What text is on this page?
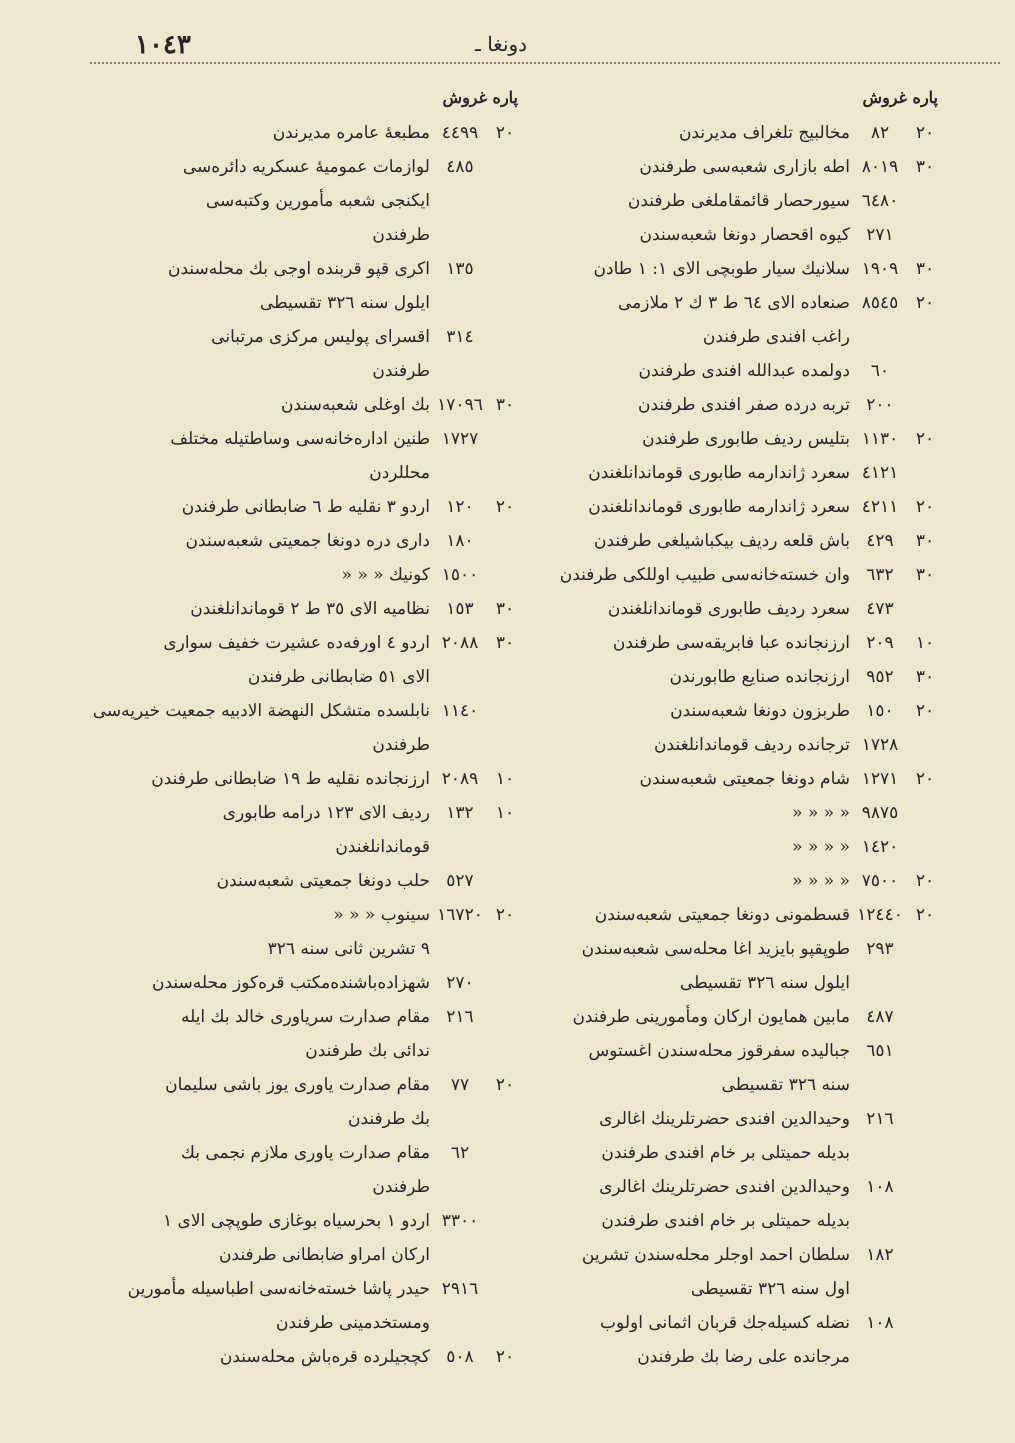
١٠٤٣	دونغا ـ
پاره غروش
٢٠
٨٢
مخالبیج تلغراف مدیرندن
٣٠
٨٠١٩
اطه بازاری شعبه‌سی طرفندن
٦٤٨٠
سیورحصار قائمقاملغی طرفندن
٢٧١
کیوه اقحصار دونغا شعبه‌سندن
٣٠
١٩٠٩
سلانیك سیار طوبچی الای ١: ١ طادن
٢٠
٨٥٤٥
صنعاده الای ٦٤ ط ٣ ك ٢ ملازمی
راغب افندی طرفندن
٦٠
دولمده عبدالله افندی طرفندن
٢٠٠
تربه درده صفر افندی طرفندن
٢٠
١١٣٠
بتلیس ردیف طابوری طرفندن
٤١٢١
سعرد ژاندارمه طابوری قوماندانلغندن
٢٠
٤٢١١
سعرد ژاندارمه طابوری قوماندانلغندن
٣٠
٤٢٩
باش قلعه ردیف بیکباشیلغی طرفندن
٣٠
٦٣٢
وان خسته‌خانه‌سی طبیب اوللکی طرفندن
٤٧٣
سعرد ردیف طابوری قوماندانلغندن
١٠
٢٠٩
ارزنجانده عبا فابریقه‌سی طرفندن
٣٠
٩٥٢
ارزنجانده صنایع طابورندن
٢٠
١٥٠
طربزون دونغا شعبه‌سندن
١٧٢٨
ترجانده ردیف قوماندانلغندن
٢٠
١٢٧١
شام دونغا جمعیتی شعبه‌سندن
٩٨٧٥
« « « «
١٤٢٠
« « « «
٢٠
٧٥٠٠
« « « «
٢٠
١٢٤٤٠
قسطمونی دونغا جمعیتی شعبه‌سندن
٢٩٣
طوپقپو بایزید اغا محله‌سی شعبه‌سندن
ایلول سنه ٣٢٦ تقسیطی
٤٨٧
مابین همایون ارکان ومأمورینی طرفندن
٦٥١
جبالیده سفرقوز محله‌سندن اغستوس
سنه ٣٢٦ تقسیطی
٢١٦
وحیدالدین افندی حضرتلرینك اغالری
بدیله حمیتلی بر خام افندی طرفندن
١٠٨
وحیدالدین افندی حضرتلرینك اغالری
بدیله حمیتلی بر خام افندی طرفندن
١٨٢
سلطان احمد اوجلر محله‌سندن تشرین
اول سنه ٣٢٦ تقسیطی
١٠٨
نضله کسیله‌جك قربان اثمانی اولوب
مرجانده علی رضا بك طرفندن
پاره غروش
٢٠
٤٤٩٩
مطبعهٔ عامره مدیرندن
٤٨٥
لوازمات عمومیهٔ عسکریه دائره‌سی
ایکنجی شعبه مأمورین وکتبه‌سی
طرفندن
١٣٥
اکری قپو قربنده اوجی بك محله‌سندن
ایلول سنه ٣٢٦ تقسیطی
٣١٤
اقسرای پولیس مرکزی مرتبانی
طرفندن
٣٠
١٧٠٩٦
بك اوغلی شعبه‌سندن
١٧٢٧
طنین اداره‌خانه‌سی وساطتیله مختلف
محللردن
٢٠
١٢٠
اردو ٣ نقلیه ط ٦ ضابطانی طرفندن
١٨٠
داری دره دونغا جمعیتی شعبه‌سندن
١٥٠٠
کونیك « « «
٣٠
١٥٣
نظامیه الای ٣٥ ط ٢ قوماندانلغندن
٣٠
٢٠٨٨
اردو ٤ اورفه‌ده عشیرت خفیف سواری
الای ٥١ ضابطانی طرفندن
١١٤٠
نابلسده متشکل النهضة الادبیه جمعیت خیریه‌سی
طرفندن
١٠
٢٠٨٩
ارزنجانده نقلیه ط ١٩ ضابطانی طرفندن
١٠
١٣٢
ردیف الای ١٢٣ درامه طابوری
قوماندانلغندن
٥٢٧
حلب دونغا جمعیتی شعبه‌سندن
٢٠
١٦٧٢٠
سینوب « « «
٩ تشرین ثانی سنه ٣٢٦
٢٧٠
شهزاده‌باشنده‌مکتب قره‌کوز محله‌سندن
٢١٦
مقام صدارت سریاوری خالد بك ایله
ندائی بك طرفندن
٢٠
٧٧
مقام صدارت یاوری یوز باشی سلیمان
بك طرفندن
٦٢
مقام صدارت یاوری ملازم نجمی بك
طرفندن
٣٣٠٠
اردو ١ بحرسیاه بوغازی طوپچی الای ١
ارکان امراو ضابطانی طرفندن
٢٩١٦
حیدر پاشا خسته‌خانه‌سی اطباسیله مأمورین
ومستخدمینی طرفندن
٢٠
٥٠٨
کچجیلرده قره‌باش محله‌سندن
